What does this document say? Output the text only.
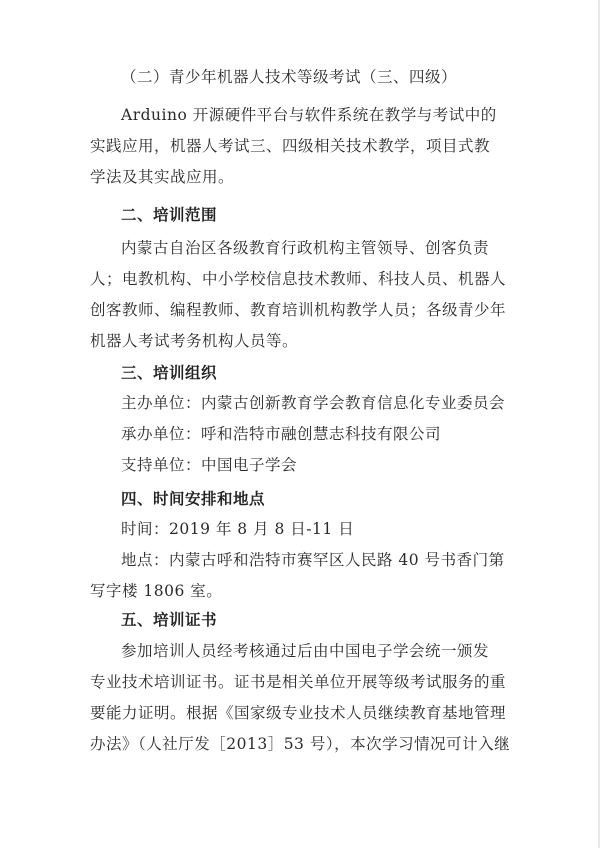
（二）青少年机器人技术等级考试（三、四级）
Arduino 开源硬件平台与软件系统在教学与考试中的
实践应用，机器人考试三、四级相关技术教学，项目式教
学法及其实战应用。
二、培训范围
内蒙古自治区各级教育行政机构主管领导、创客负责
人；电教机构、中小学校信息技术教师、科技人员、机器人
创客教师、编程教师、教育培训机构教学人员；各级青少年
机器人考试考务机构人员等。
三、培训组织
主办单位：内蒙古创新教育学会教育信息化专业委员会
承办单位：呼和浩特市融创慧志科技有限公司
支持单位：中国电子学会
四、时间安排和地点
时间：2019 年 8 月 8 日-11 日
地点：内蒙古呼和浩特市赛罕区人民路 40 号书香门第
写字楼 1806 室。
五、培训证书
参加培训人员经考核通过后由中国电子学会统一颁发
专业技术培训证书。证书是相关单位开展等级考试服务的重
要能力证明。根据《国家级专业技术人员继续教育基地管理
办法》（人社厅发［2013］53 号），本次学习情况可计入继
